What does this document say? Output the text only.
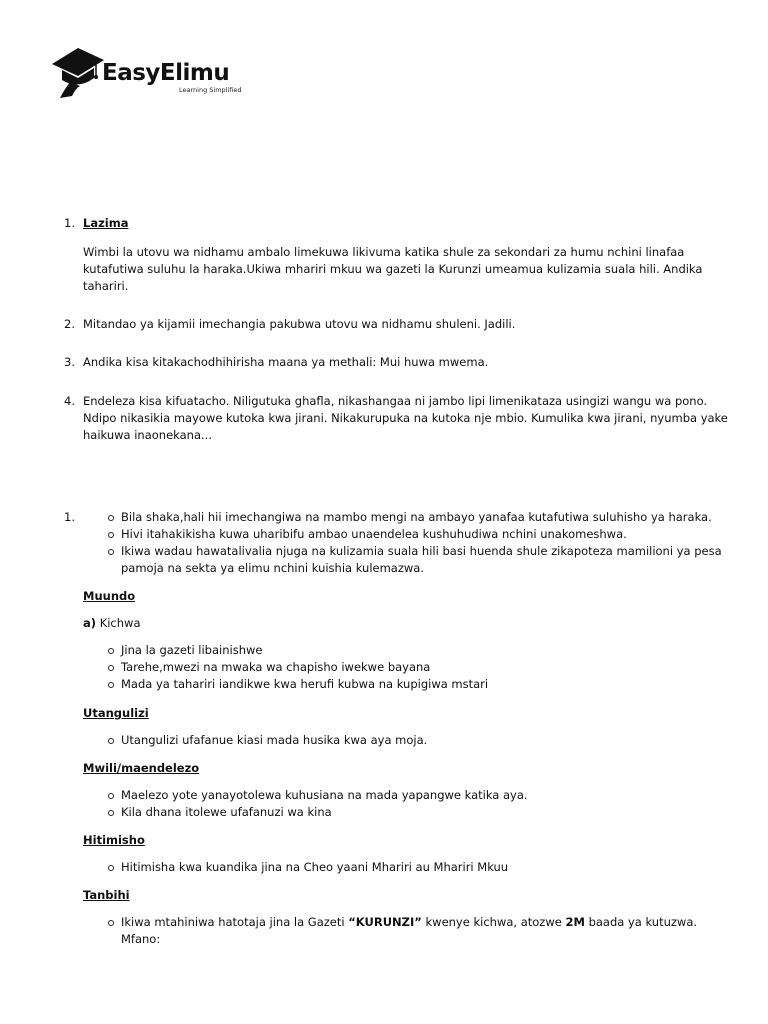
EasyElimu
Learning Simplified
1. Lazima
Wimbi la utovu wa nidhamu ambalo limekuwa likivuma katika shule za sekondari za humu nchini linafaa kutafutiwa suluhu la haraka.Ukiwa mhariri mkuu wa gazeti la Kurunzi umeamua kulizamia suala hili. Andika tahariri.
2. Mitandao ya kijamii imechangia pakubwa utovu wa nidhamu shuleni. Jadili.
3. Andika kisa kitakachodhihirisha maana ya methali: Mui huwa mwema.
4. Endeleza kisa kifuatacho. Niligutuka ghafla, nikashangaa ni jambo lipi limenikataza usingizi wangu wa pono. Ndipo nikasikia mayowe kutoka kwa jirani. Nikakurupuka na kutoka nje mbio. Kumulika kwa jirani, nyumba yake haikuwa inaonekana...
1.	Bila shaka,hali hii imechangiwa na mambo mengi na ambayo yanafaa kutafutiwa suluhisho ya haraka.
Hivi itahakikisha kuwa uharibifu ambao unaendelea kushuhudiwa nchini unakomeshwa.
Ikiwa wadau hawatalivalia njuga na kulizamia suala hili basi huenda shule zikapoteza mamilioni ya pesa pamoja na sekta ya elimu nchini kuishia kulemazwa.
Muundo
a) Kichwa
Jina la gazeti libainishwe
Tarehe,mwezi na mwaka wa chapisho iwekwe bayana
Mada ya tahariri iandikwe kwa herufi kubwa na kupigiwa mstari
Utangulizi
Utangulizi ufafanue kiasi mada husika kwa aya moja.
Mwili/maendelezo
Maelezo yote yanayotolewa kuhusiana na mada yapangwe katika aya.
Kila dhana itolewe ufafanuzi wa kina
Hitimisho
Hitimisha kwa kuandika jina na Cheo yaani Mhariri au Mhariri Mkuu
Tanbihi
Ikiwa mtahiniwa hatotaja jina la Gazeti “KURUNZI” kwenye kichwa, atozwe 2M baada ya kutuzwa.
Mfano:
